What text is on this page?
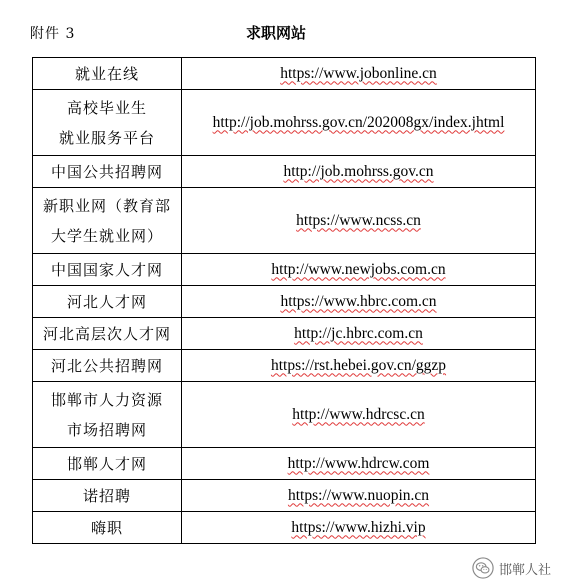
附件 3	求职网站
就业在线	https://www.jobonline.cn

高校毕业生
就业服务平台	http://job.mohrss.gov.cn/202008gx/index.jhtml

中国公共招聘网	http://job.mohrss.gov.cn

新职业网（教育部
大学生就业网）	https://www.ncss.cn

中国国家人才网	http://www.newjobs.com.cn

河北人才网	https://www.hbrc.com.cn

河北高层次人才网	http://jc.hbrc.com.cn

河北公共招聘网	https://rst.hebei.gov.cn/ggzp

邯郸市人力资源
市场招聘网	http://www.hdrcsc.cn

邯郸人才网	http://www.hdrcw.com

诺招聘	https://www.nuopin.cn

嗨职	https://www.hizhi.vip
邯郸人社
